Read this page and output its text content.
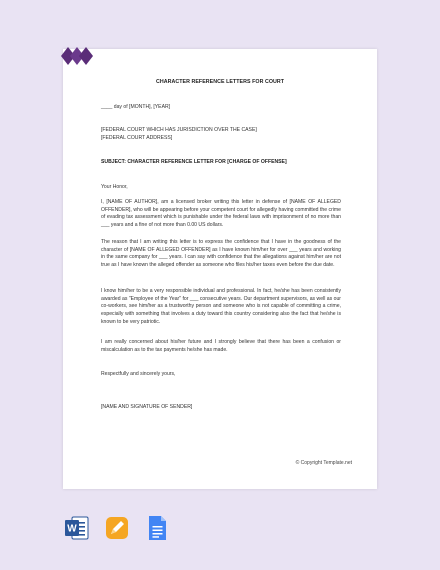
CHARACTER REFERENCE LETTERS FOR COURT
____ day of [MONTH], [YEAR]
[FEDERAL COURT WHICH HAS JURISDICTION OVER THE CASE]
[FEDERAL COURT ADDRESS]
SUBJECT: CHARACTER REFERENCE LETTER FOR [CHARGE OF OFFENSE]
Your Honor,
I, [NAME OF AUTHOR], am a licensed broker writing this letter in defense of [NAME OF ALLEGED OFFENDER], who will be appearing before your competent court for allegedly having committed the crime of evading tax assessment which is punishable under the federal laws with imprisonment of no more than ___ years and a fine of not more than 0.00 US dollars.
The reason that I am writing this letter is to express the confidence that I have in the goodness of the character of [NAME OF ALLEGED OFFENDER] as I have known him/her for over ___ years and working in the same company for ___ years. I can say with confidence that the allegations against him/her are not true as I have known the alleged offender as someone who files his/her taxes even before the due date.
I know him/her to be a very responsible individual and professional. In fact, he/she has been consistently awarded as "Employee of the Year" for ___ consecutive years. Our department supervisors, as well as our co-workers, see him/her as a trustworthy person and someone who is not capable of committing a crime, especially with something that involves a duty toward this country considering also the fact that he/she is known to be very patriotic.
I am really concerned about his/her future and I strongly believe that there has been a confusion or miscalculation as to the tax payments he/she has made.
Respectfully and sincerely yours,
[NAME AND SIGNATURE OF SENDER]
© Copyright Template.net
W
